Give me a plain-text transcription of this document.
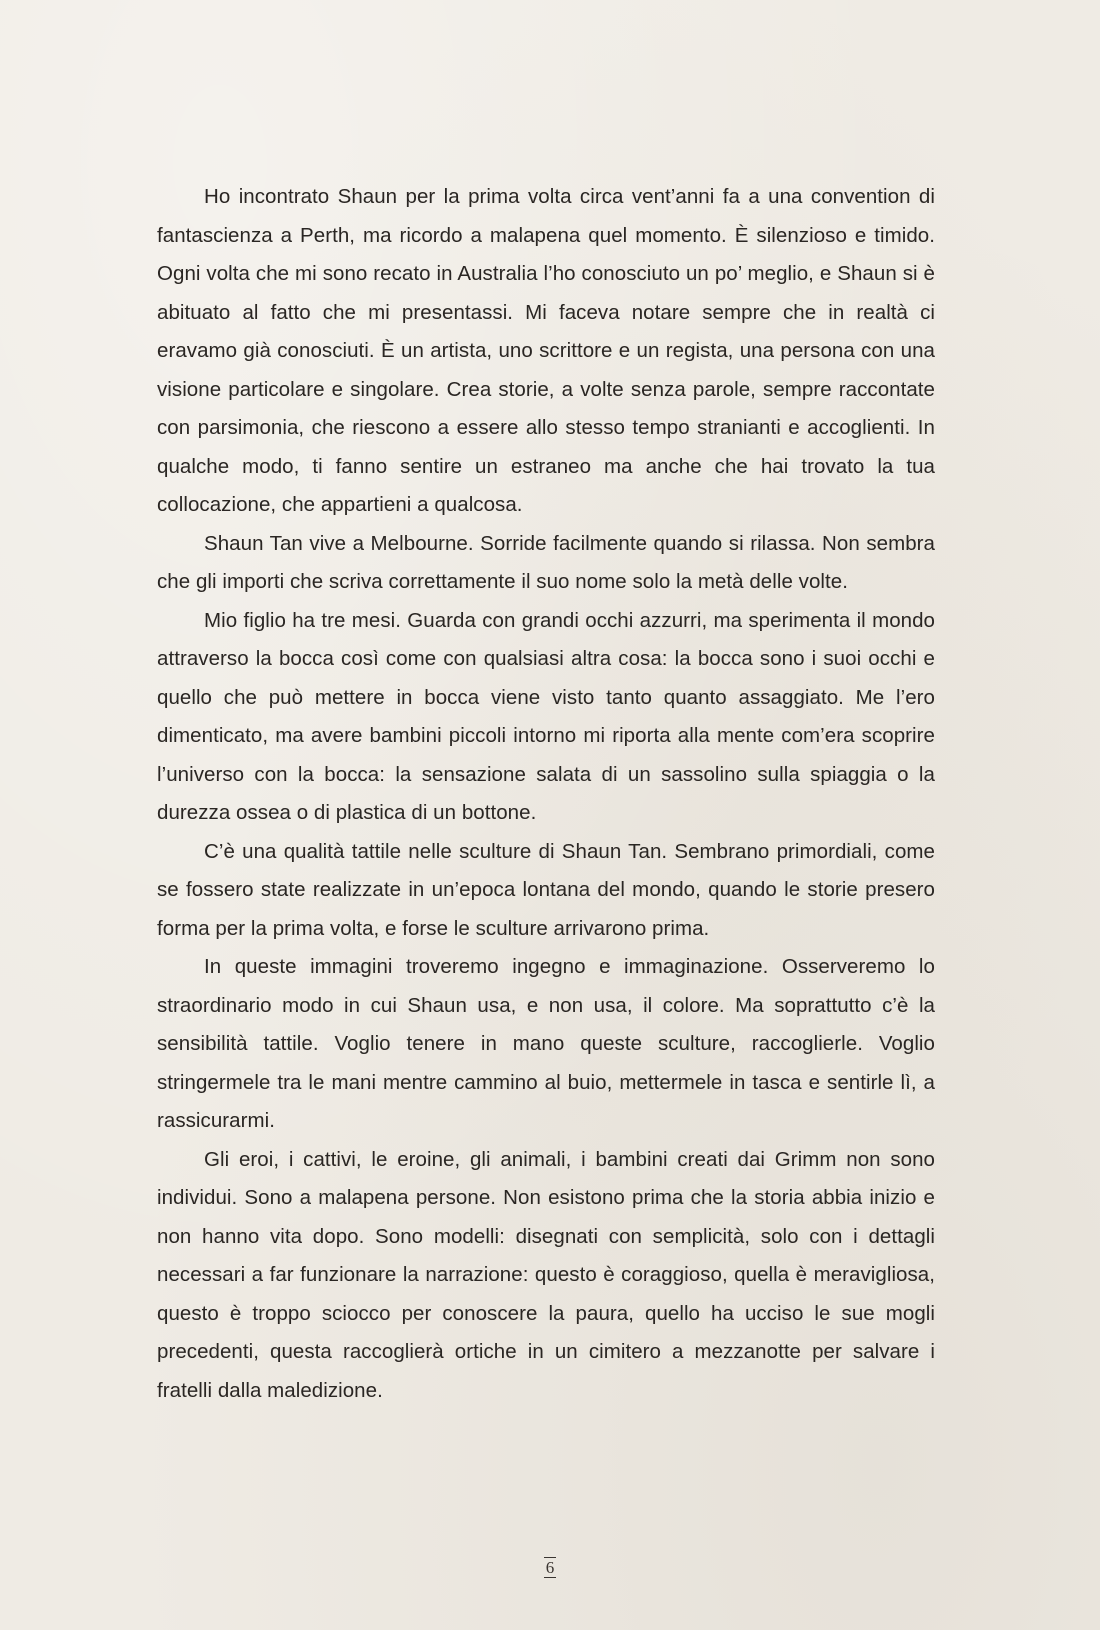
Ho incontrato Shaun per la prima volta circa vent’anni fa a una convention di fantascienza a Perth, ma ricordo a malapena quel momento. È silenzioso e timido. Ogni volta che mi sono recato in Australia l’ho conosciuto un po’ meglio, e Shaun si è abituato al fatto che mi presentassi. Mi faceva notare sempre che in realtà ci eravamo già conosciuti. È un artista, uno scrittore e un regista, una persona con una visione particolare e singolare. Crea storie, a volte senza parole, sempre raccontate con parsimonia, che riescono a essere allo stesso tempo stranianti e accoglienti. In qualche modo, ti fanno sentire un estraneo ma anche che hai trovato la tua collocazione, che appartieni a qualcosa.

Shaun Tan vive a Melbourne. Sorride facilmente quando si rilassa. Non sembra che gli importi che scriva correttamente il suo nome solo la metà delle volte.

Mio figlio ha tre mesi. Guarda con grandi occhi azzurri, ma sperimenta il mondo attraverso la bocca così come con qualsiasi altra cosa: la bocca sono i suoi occhi e quello che può mettere in bocca viene visto tanto quanto assaggiato. Me l’ero dimenticato, ma avere bambini piccoli intorno mi riporta alla mente com’era scoprire l’universo con la bocca: la sensazione salata di un sassolino sulla spiaggia o la durezza ossea o di plastica di un bottone.

C’è una qualità tattile nelle sculture di Shaun Tan. Sembrano primordiali, come se fossero state realizzate in un’epoca lontana del mondo, quando le storie presero forma per la prima volta, e forse le sculture arrivarono prima.

In queste immagini troveremo ingegno e immaginazione. Osserveremo lo straordinario modo in cui Shaun usa, e non usa, il colore. Ma soprattutto c’è la sensibilità tattile. Voglio tenere in mano queste sculture, raccoglierle. Voglio stringermele tra le mani mentre cammino al buio, mettermele in tasca e sentirle lì, a rassicurarmi.

Gli eroi, i cattivi, le eroine, gli animali, i bambini creati dai Grimm non sono individui. Sono a malapena persone. Non esistono prima che la storia abbia inizio e non hanno vita dopo. Sono modelli: disegnati con semplicità, solo con i dettagli necessari a far funzionare la narrazione: questo è coraggioso, quella è meravigliosa, questo è troppo sciocco per conoscere la paura, quello ha ucciso le sue mogli precedenti, questa raccoglierà ortiche in un cimitero a mezzanotte per salvare i fratelli dalla maledizione.

6
